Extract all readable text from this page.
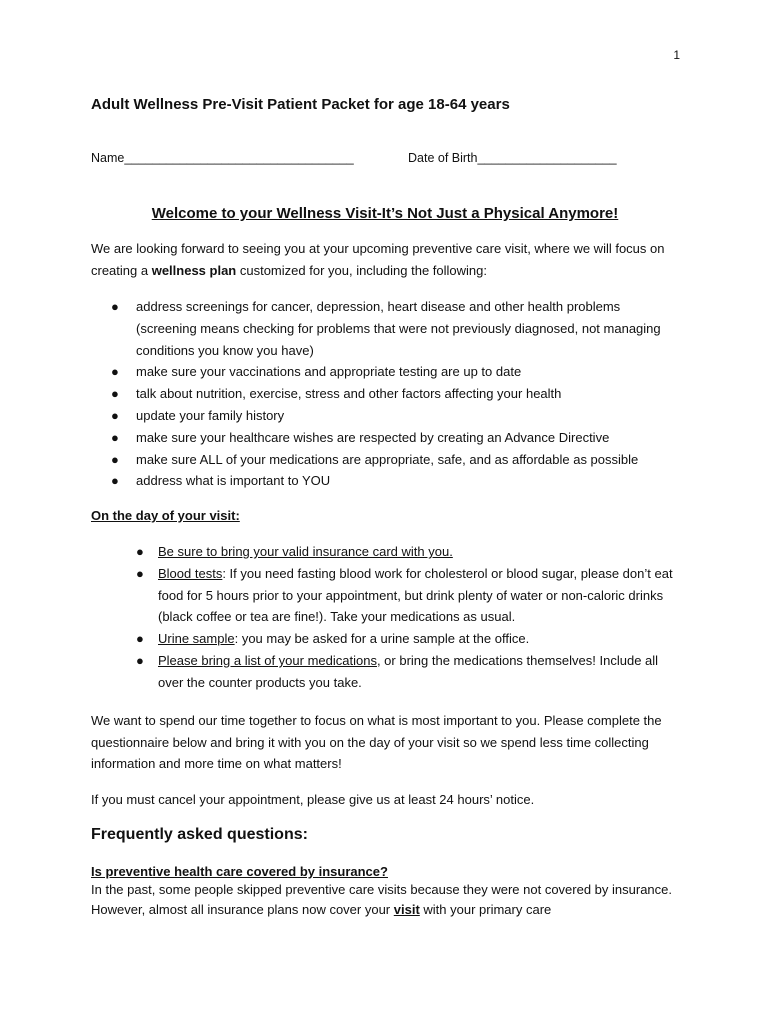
1
Adult Wellness Pre-Visit Patient Packet for age 18-64 years
Name_________________________________	Date of Birth____________________
Welcome to your Wellness Visit-It’s Not Just a Physical Anymore!
We are looking forward to seeing you at your upcoming preventive care visit, where we will focus on creating a wellness plan customized for you, including the following:
● address screenings for cancer, depression, heart disease and other health problems (screening means checking for problems that were not previously diagnosed, not managing conditions you know you have)
● make sure your vaccinations and appropriate testing are up to date
● talk about nutrition, exercise, stress and other factors affecting your health
● update your family history
● make sure your healthcare wishes are respected by creating an Advance Directive
● make sure ALL of your medications are appropriate, safe, and as affordable as possible
● address what is important to YOU
On the day of your visit:
● Be sure to bring your valid insurance card with you.
● Blood tests: If you need fasting blood work for cholesterol or blood sugar, please don’t eat food for 5 hours prior to your appointment, but drink plenty of water or non-caloric drinks (black coffee or tea are fine!). Take your medications as usual.
● Urine sample: you may be asked for a urine sample at the office.
● Please bring a list of your medications, or bring the medications themselves! Include all over the counter products you take.
We want to spend our time together to focus on what is most important to you. Please complete the questionnaire below and bring it with you on the day of your visit so we spend less time collecting information and more time on what matters!
If you must cancel your appointment, please give us at least 24 hours’ notice.
Frequently asked questions:
Is preventive health care covered by insurance?
In the past, some people skipped preventive care visits because they were not covered by insurance. However, almost all insurance plans now cover your visit with your primary care
